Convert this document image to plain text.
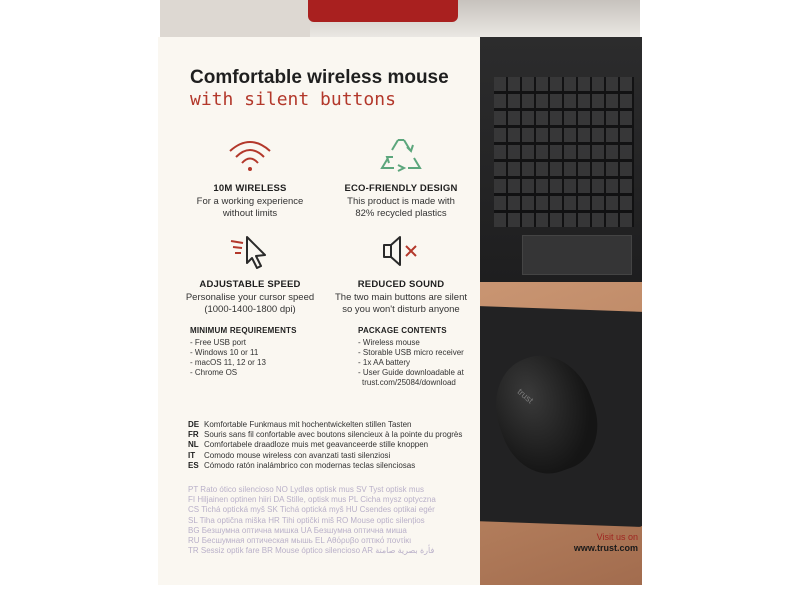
Comfortable wireless mouse
with silent buttons
10M WIRELESS
For a working experience
without limits
ECO-FRIENDLY DESIGN
This product is made with
82% recycled plastics
ADJUSTABLE SPEED
Personalise your cursor speed
(1000-1400-1800 dpi)
REDUCED SOUND
The two main buttons are silent
so you won't disturb anyone
MINIMUM REQUIREMENTS
- Free USB port
- Windows 10 or 11
- macOS 11, 12 or 13
- Chrome OS
PACKAGE CONTENTS
- Wireless mouse
- Storable USB micro receiver
- 1x AA battery
- User Guide downloadable at
trust.com/25084/download
DE Komfortable Funkmaus mit hochentwickelten stillen Tasten
FR Souris sans fil confortable avec boutons silencieux à la pointe du progrès
NL Comfortabele draadloze muis met geavanceerde stille knoppen
IT Comodo mouse wireless con avanzati tasti silenziosi
ES Cómodo ratón inalámbrico con modernas teclas silenciosas
PT Rato ótico silencioso NO Lydløs optisk mus SV Tyst optisk mus
FI Hiljainen optinen hiiri DA Stille, optisk mus PL Cicha mysz optyczna
CS Tichá optická myš SK Tichá optická myš HU Csendes optikai egér
SL Tiha optična miška HR Tihi optički miš RO Mouse optic silențios
BG Безшумна оптична мишка UA Безшумна оптична миша
RU Бесшумная оптическая мышь EL Αθόρυβο οπτικό ποντίκι
TR Sessiz optik fare BR Mouse óptico silencioso AR فأرة بصرية صامتة
trust
Visit us on
www.trust.com
